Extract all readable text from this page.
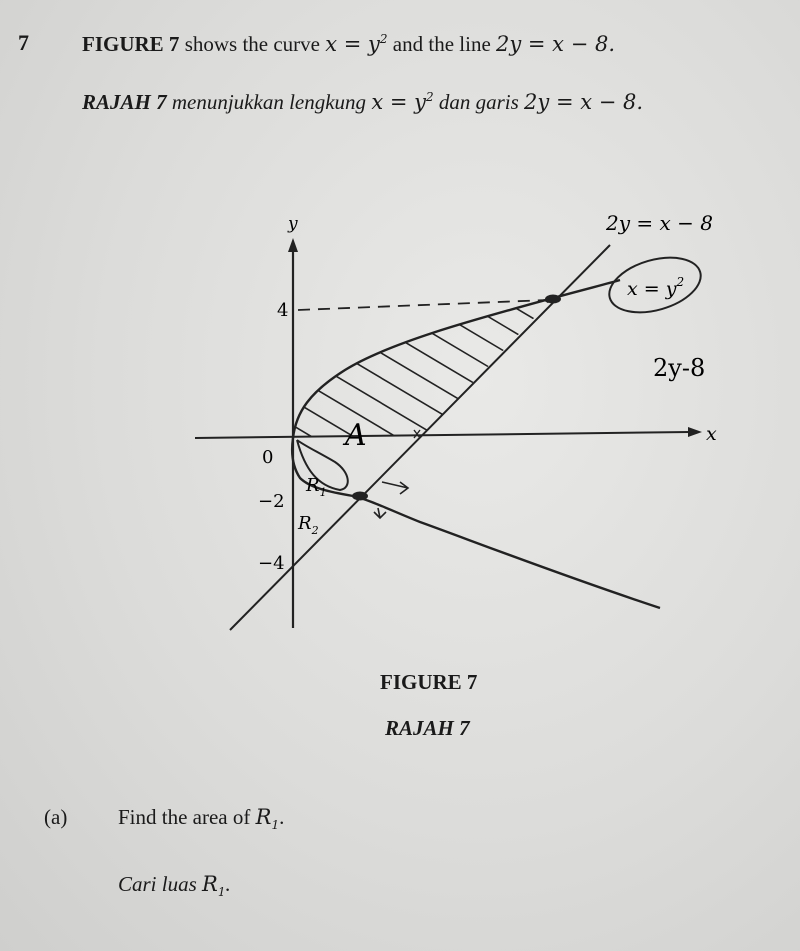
7	FIGURE 7 shows the curve $x = y^2$ and the line 2y = x − 8.
RAJAH 7 menunjukkan lengkung $x = y^2$ dan garis 2y = x − 8.
y
x
0
4
−2
−4
2y = x − 8
$x = y^2$
A
$R_1$
$R_2$
2y-8
FIGURE 7
RAJAH 7
(a) Find the area of $R_1$.
Cari luas $R_1$.
